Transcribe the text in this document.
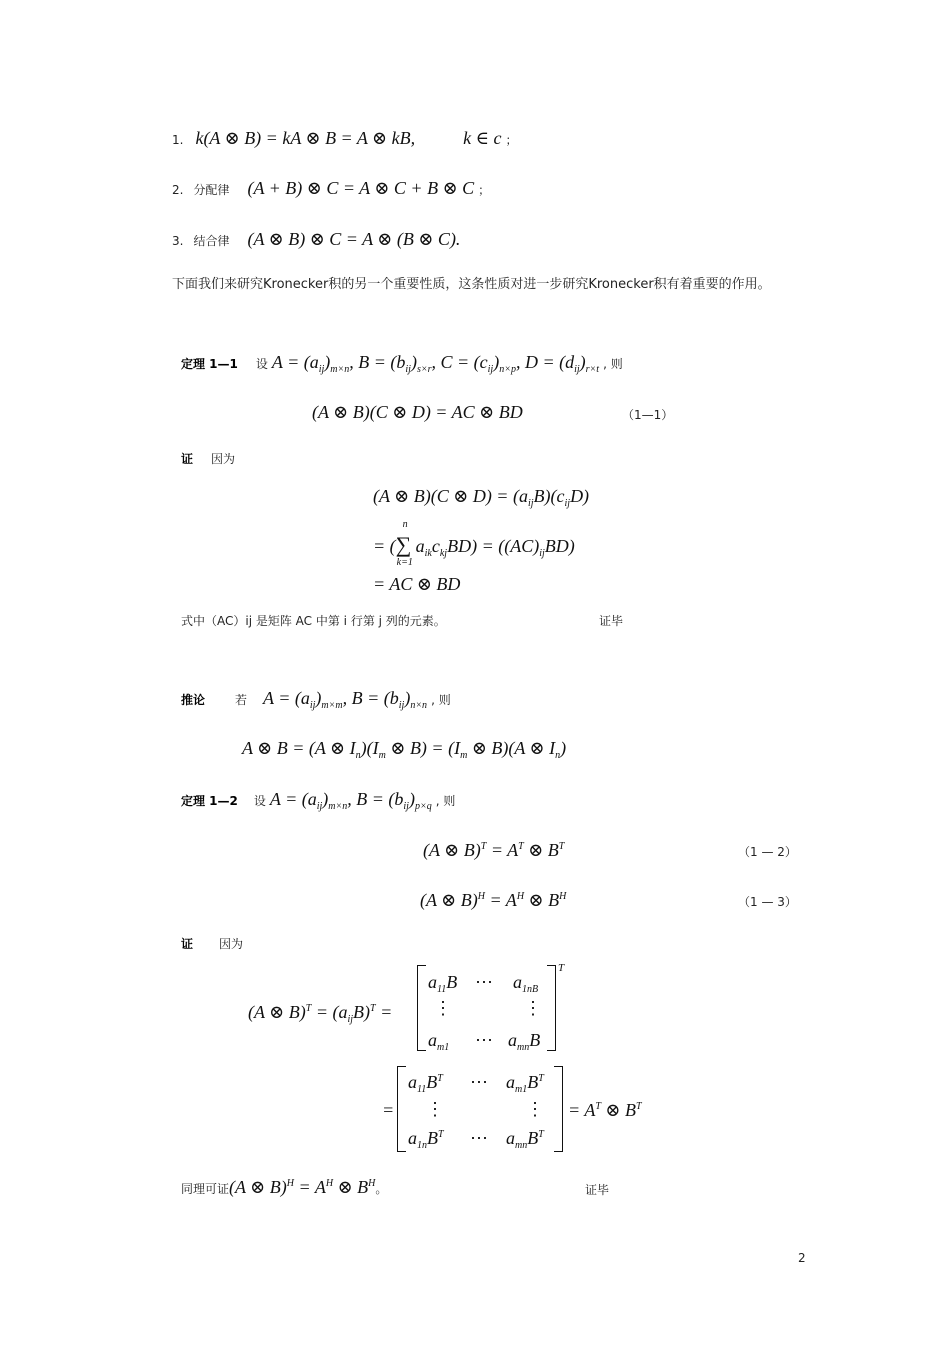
1. k(A ⊗ B) = kA ⊗ B = A ⊗ kB,	k ∈ c ；
2. 分配律 (A + B) ⊗ C = A ⊗ C + B ⊗ C ；
3. 结合律 (A ⊗ B) ⊗ C = A ⊗ (B ⊗ C).
下面我们来研究Kronecker积的另一个重要性质，这条性质对进一步研究Kronecker积有着重要的作用。
定理 1—1 设 $A = (a_{ij})_{m\times n}$, $B = (b_{ij})_{s\times r}$, $C = (c_{ij})_{n\times p}$, $D = (d_{ij})_{r\times t}$ , 则
(A ⊗ B)(C ⊗ D) = AC ⊗ BD	（1—1）
证 因为
(A ⊗ B)(C ⊗ $D) = (a_{ij}B)(c_{ij}D)$
= (∑
n
k=1
$a_{ik}c_{kj}BD) = ((AC)_{ij}BD)$
= AC ⊗ BD
式中（AC）ij 是矩阵 AC 中第 i 行第 j 列的元素。	证毕
推论	若 $A = (a_{ij})_{m\times m}$, $B = (b_{ij})_{n\times n}$ , 则
A ⊗ B = (A ⊗ $I_n)(I_m$ ⊗ $B) = (I_m$ ⊗ B)(A ⊗ $I_n$)
定理 1—2 设 $A = (a_{ij})_{m\times n}$, $B = (b_{ij})_{p\times q}$ , 则
(A ⊗ $B)^T = A^T$ ⊗ $B^T$	（1 — 2）
(A ⊗ $B)^H = A^H$ ⊗ $B^H$	（1 — 3）
证 因为
(A ⊗ $B)^T = (a_{ij}B)^T$ =
$a_{11}B$ ⋯ $a_{1nB}$
⋮	⋮
$a_{m1}$ ⋯ $a_{mn}B$
T
=
$a_{11}B^T$ ⋯ $a_{m1}B^T$
⋮	⋮
$a_{1n}B^T$ ⋯ $a_{mn}B^T$
= $A^T$ ⊗ $B^T$
同理可证(A ⊗ $B)^H = A^H$ ⊗ $B^H$。	证毕
2
